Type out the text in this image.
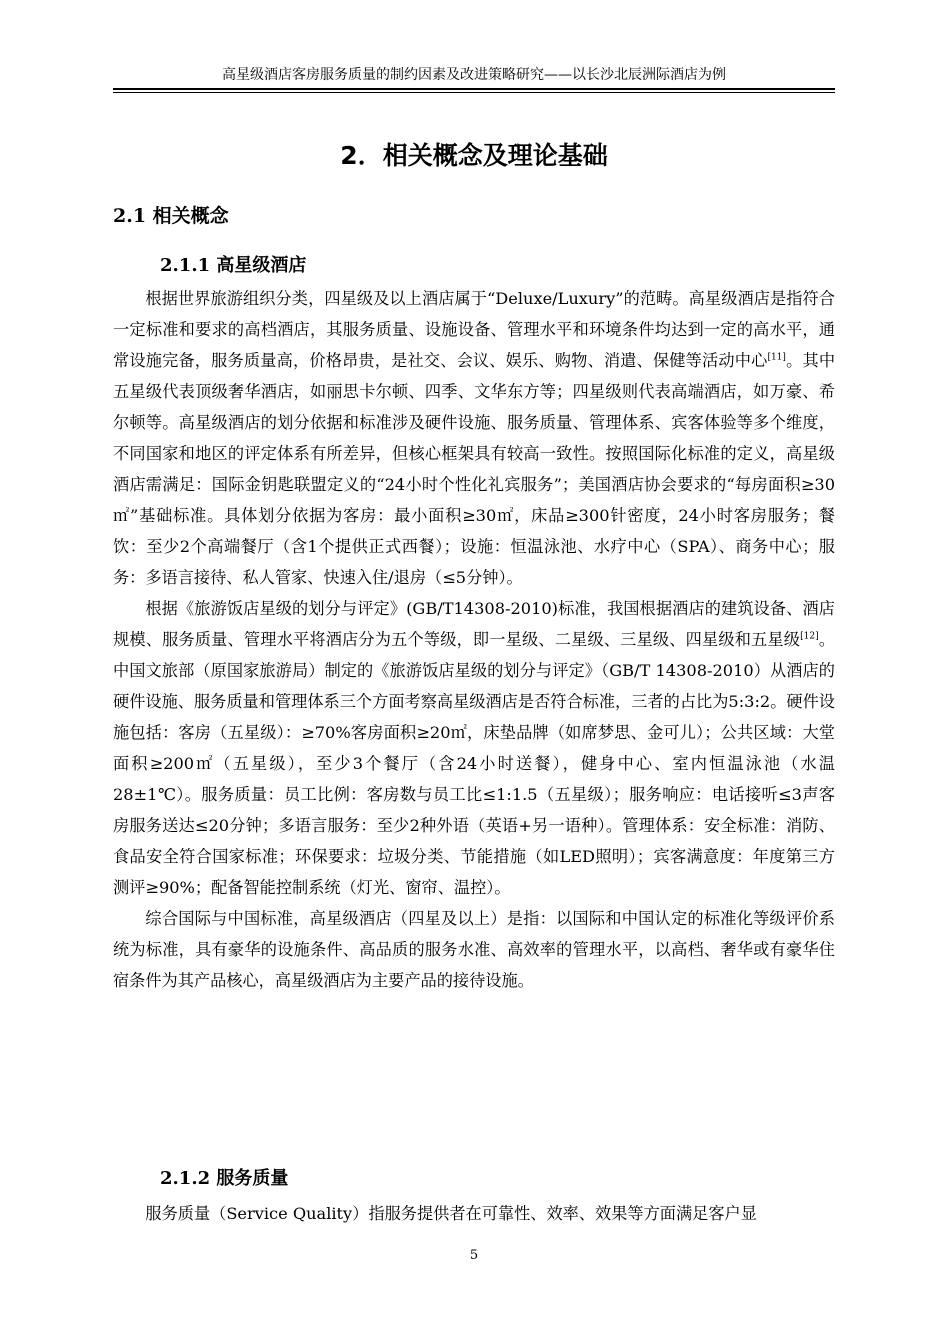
高星级酒店客房服务质量的制约因素及改进策略研究——以长沙北辰洲际酒店为例
2．相关概念及理论基础
2.1 相关概念
2.1.1 高星级酒店

根据世界旅游组织分类，四星级及以上酒店属于“Deluxe/Luxury”的范畴。高星级酒店是指符合一定标准和要求的高档酒店，其服务质量、设施设备、管理水平和环境条件均达到一定的高水平，通常设施完备，服务质量高，价格昂贵，是社交、会议、娱乐、购物、消遣、保健等活动中心[11]。其中五星级代表顶级奢华酒店，如丽思卡尔顿、四季、文华东方等；四星级则代表高端酒店，如万豪、希尔顿等。高星级酒店的划分依据和标准涉及硬件设施、服务质量、管理体系、宾客体验等多个维度，不同国家和地区的评定体系有所差异，但核心框架具有较高一致性。按照国际化标准的定义，高星级酒店需满足：国际金钥匙联盟定义的“24小时个性化礼宾服务”；美国酒店协会要求的“每房面积≥30㎡”基础标准。具体划分依据为客房：最小面积≥30㎡，床品≥300针密度，24小时客房服务；餐饮：至少2个高端餐厅（含1个提供正式西餐）；设施：恒温泳池、水疗中心（SPA）、商务中心；服务：多语言接待、私人管家、快速入住/退房（≤5分钟）。

根据《旅游饭店星级的划分与评定》(GB/T14308-2010)标准，我国根据酒店的建筑设备、酒店规模、服务质量、管理水平将酒店分为五个等级，即一星级、二星级、三星级、四星级和五星级[12]。中国文旅部（原国家旅游局）制定的《旅游饭店星级的划分与评定》（GB/T 14308-2010）从酒店的硬件设施、服务质量和管理体系三个方面考察高星级酒店是否符合标准，三者的占比为5:3:2。硬件设施包括：客房（五星级）：≥70%客房面积≥20㎡，床垫品牌（如席梦思、金可儿）；公共区域：大堂面积≥200㎡（五星级），至少3个餐厅（含24小时送餐），健身中心、室内恒温泳池（水温28±1℃）。服务质量：员工比例：客房数与员工比≤1:1.5（五星级）；服务响应：电话接听≤3声客房服务送达≤20分钟；多语言服务：至少2种外语（英语+另一语种）。管理体系：安全标准：消防、食品安全符合国家标准；环保要求：垃圾分类、节能措施（如LED照明）；宾客满意度：年度第三方测评≥90%；配备智能控制系统（灯光、窗帘、温控）。

综合国际与中国标准，高星级酒店（四星及以上）是指：以国际和中国认定的标准化等级评价系统为标准，具有豪华的设施条件、高品质的服务水准、高效率的管理水平，以高档、奢华或有豪华住宿条件为其产品核心，高星级酒店为主要产品的接待设施。

2.1.2 服务质量

服务质量（Service Quality）指服务提供者在可靠性、效率、效果等方面满足客户显

5
